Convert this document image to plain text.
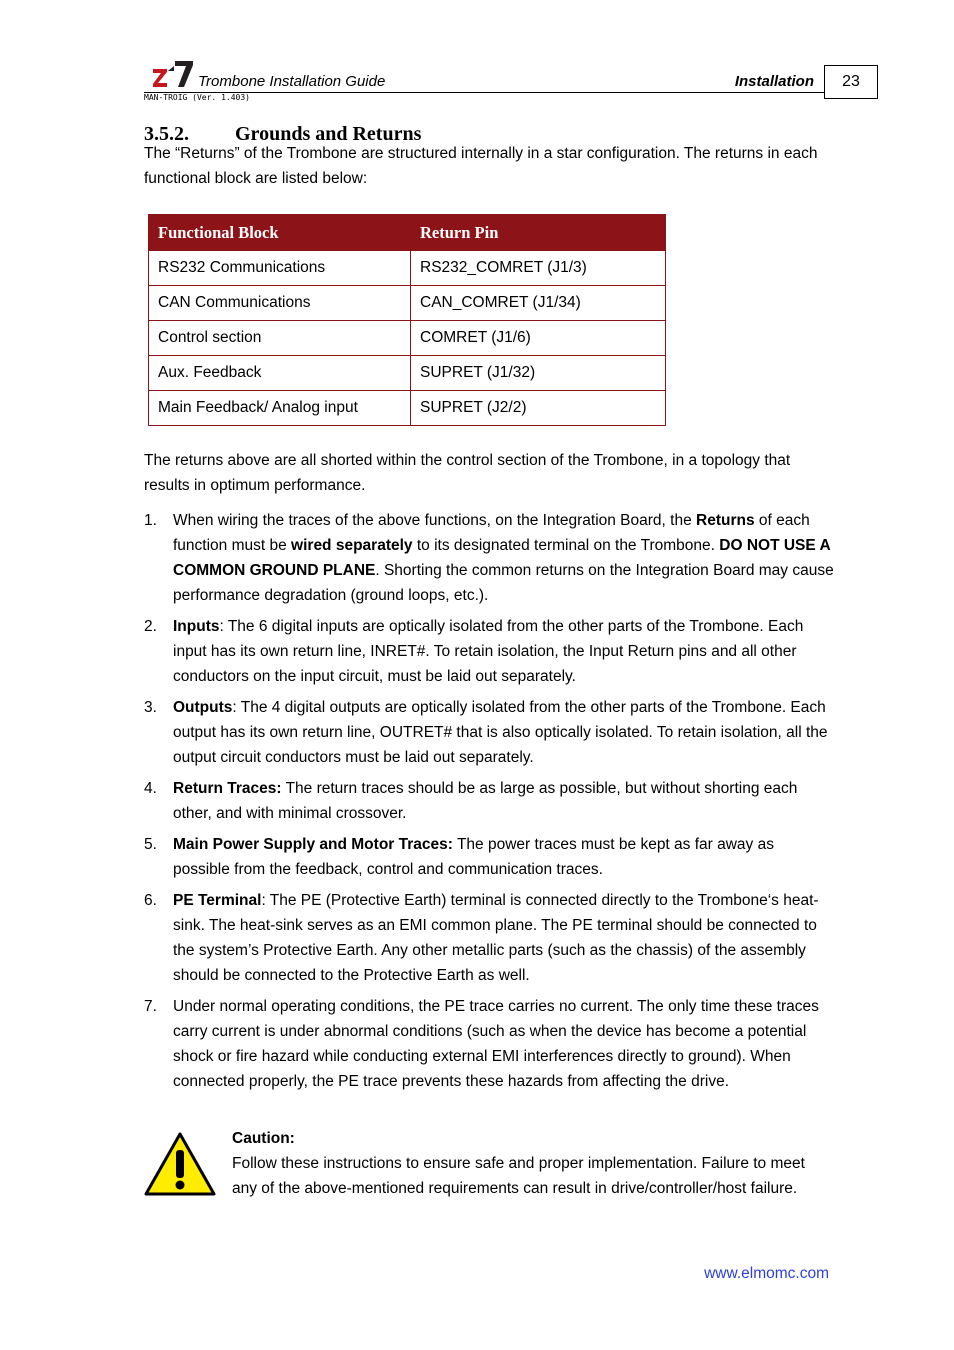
Trombone Installation Guide	Installation	23
MAN-TROIG (Ver. 1.403)
3.5.2. Grounds and Returns

The “Returns” of the Trombone are structured internally in a star configuration. The returns in each functional block are listed below:

Functional Block	Return Pin
RS232 Communications	RS232_COMRET (J1/3)
CAN Communications	CAN_COMRET (J1/34)
Control section	COMRET (J1/6)
Aux. Feedback	SUPRET (J1/32)
Main Feedback/ Analog input	SUPRET (J2/2)

The returns above are all shorted within the control section of the Trombone, in a topology that results in optimum performance.

1. When wiring the traces of the above functions, on the Integration Board, the Returns of each function must be wired separately to its designated terminal on the Trombone. DO NOT USE A COMMON GROUND PLANE. Shorting the common returns on the Integration Board may cause performance degradation (ground loops, etc.).
2. Inputs: The 6 digital inputs are optically isolated from the other parts of the Trombone. Each input has its own return line, INRET#. To retain isolation, the Input Return pins and all other conductors on the input circuit, must be laid out separately.
3. Outputs: The 4 digital outputs are optically isolated from the other parts of the Trombone. Each output has its own return line, OUTRET# that is also optically isolated. To retain isolation, all the output circuit conductors must be laid out separately.
4. Return Traces: The return traces should be as large as possible, but without shorting each other, and with minimal crossover.
5. Main Power Supply and Motor Traces: The power traces must be kept as far away as possible from the feedback, control and communication traces.
6. PE Terminal: The PE (Protective Earth) terminal is connected directly to the Trombone‘s heat-sink. The heat-sink serves as an EMI common plane. The PE terminal should be connected to the system’s Protective Earth. Any other metallic parts (such as the chassis) of the assembly should be connected to the Protective Earth as well.
7. Under normal operating conditions, the PE trace carries no current. The only time these traces carry current is under abnormal conditions (such as when the device has become a potential shock or fire hazard while conducting external EMI interferences directly to ground). When connected properly, the PE trace prevents these hazards from affecting the drive.
Caution:
Follow these instructions to ensure safe and proper implementation. Failure to meet any of the above-mentioned requirements can result in drive/controller/host failure.
www.elmomc.com
